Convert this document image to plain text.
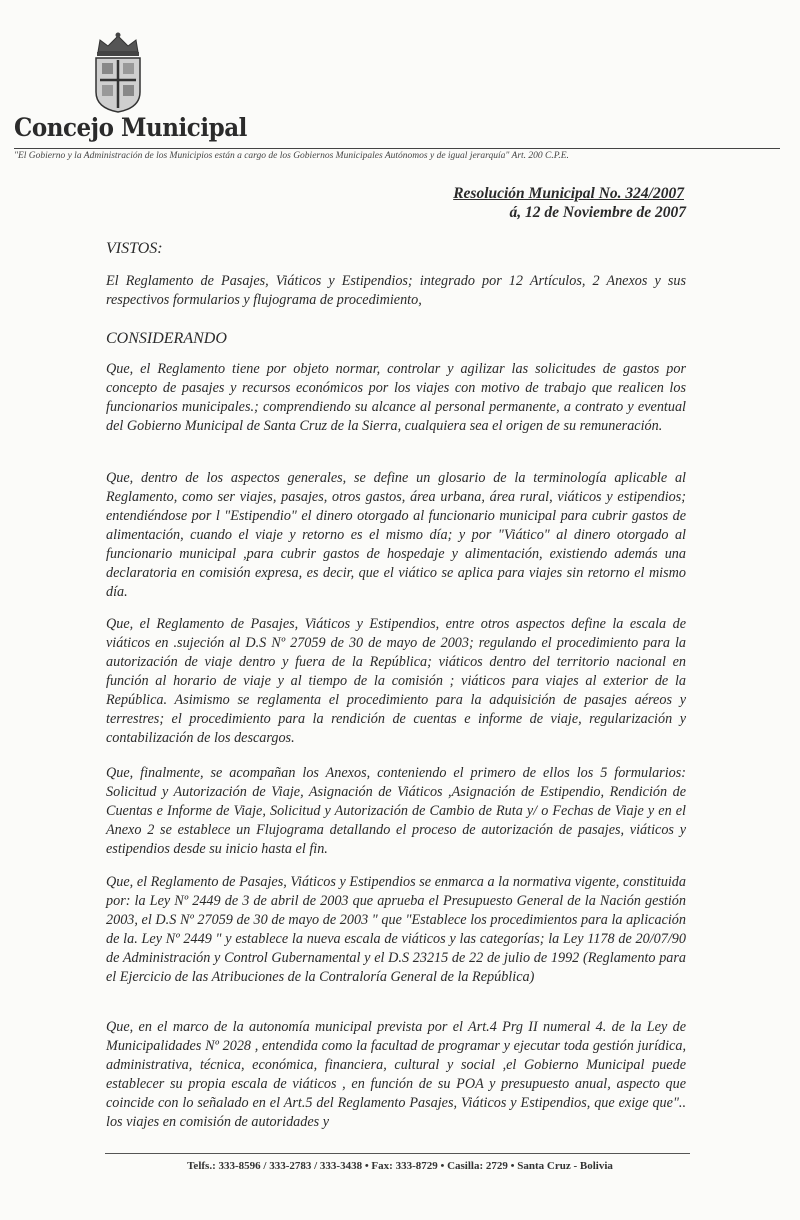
Concejo Municipal
"El Gobierno y la Administración de los Municipios están a cargo de los Gobiernos Municipales Autónomos y de igual jerarquía" Art. 200 C.P.E.
Resolución Municipal No. 324/2007
á, 12 de Noviembre de 2007
VISTOS:

El Reglamento de Pasajes, Viáticos y Estipendios; integrado por 12 Artículos, 2 Anexos y sus respectivos formularios y flujograma de procedimiento,

CONSIDERANDO

Que, el Reglamento tiene por objeto normar, controlar y agilizar las solicitudes de gastos por concepto de pasajes y recursos económicos por los viajes con motivo de trabajo que realicen los funcionarios municipales.; comprendiendo su alcance al personal permanente, a contrato y eventual del Gobierno Municipal de Santa Cruz de la Sierra, cualquiera sea el origen de su remuneración.

Que, dentro de los aspectos generales, se define un glosario de la terminología aplicable al Reglamento, como ser viajes, pasajes, otros gastos, área urbana, área rural, viáticos y estipendios; entendiéndose por l "Estipendio" el dinero otorgado al funcionario municipal para cubrir gastos de alimentación, cuando el viaje y retorno es el mismo día; y por "Viático" al dinero otorgado al funcionario municipal ,para cubrir gastos de hospedaje y alimentación, existiendo además una declaratoria en comisión expresa, es decir, que el viático se aplica para viajes sin retorno el mismo día.

Que, el Reglamento de Pasajes, Viáticos y Estipendios, entre otros aspectos define la escala de viáticos en .sujeción al D.S Nº 27059 de 30 de mayo de 2003; regulando el procedimiento para la autorización de viaje dentro y fuera de la República; viáticos dentro del territorio nacional en función al horario de viaje y al tiempo de la comisión ; viáticos para viajes al exterior de la República. Asimismo se reglamenta el procedimiento para la adquisición de pasajes aéreos y terrestres; el procedimiento para la rendición de cuentas e informe de viaje, regularización y contabilización de los descargos.

Que, finalmente, se acompañan los Anexos, conteniendo el primero de ellos los 5 formularios: Solicitud y Autorización de Viaje, Asignación de Viáticos ,Asignación de Estipendio, Rendición de Cuentas e Informe de Viaje, Solicitud y Autorización de Cambio de Ruta y/ o Fechas de Viaje y en el Anexo 2 se establece un Flujograma detallando el proceso de autorización de pasajes, viáticos y estipendios desde su inicio hasta el fin.

Que, el Reglamento de Pasajes, Viáticos y Estipendios se enmarca a la normativa vigente, constituida por: la Ley Nº 2449 de 3 de abril de 2003 que aprueba el Presupuesto General de la Nación gestión 2003, el D.S Nº 27059 de 30 de mayo de 2003 " que "Establece los procedimientos para la aplicación de la. Ley Nº 2449 " y establece la nueva escala de viáticos y las categorías; la Ley 1178 de 20/07/90 de Administración y Control Gubernamental y el D.S 23215 de 22 de julio de 1992 (Reglamento para el Ejercicio de las Atribuciones de la Contraloría General de la República)

Que, en el marco de la autonomía municipal prevista por el Art.4 Prg II numeral 4. de la Ley de Municipalidades Nº 2028 , entendida como la facultad de programar y ejecutar toda gestión jurídica, administrativa, técnica, económica, financiera, cultural y social ,el Gobierno Municipal puede establecer su propia escala de viáticos , en función de su POA y presupuesto anual, aspecto que coincide con lo señalado en el Art.5 del Reglamento Pasajes, Viáticos y Estipendios, que exige que".. los viajes en comisión de autoridades y

Telfs.: 333-8596 / 333-2783 / 333-3438 • Fax: 333-8729 • Casilla: 2729 • Santa Cruz - Bolivia
